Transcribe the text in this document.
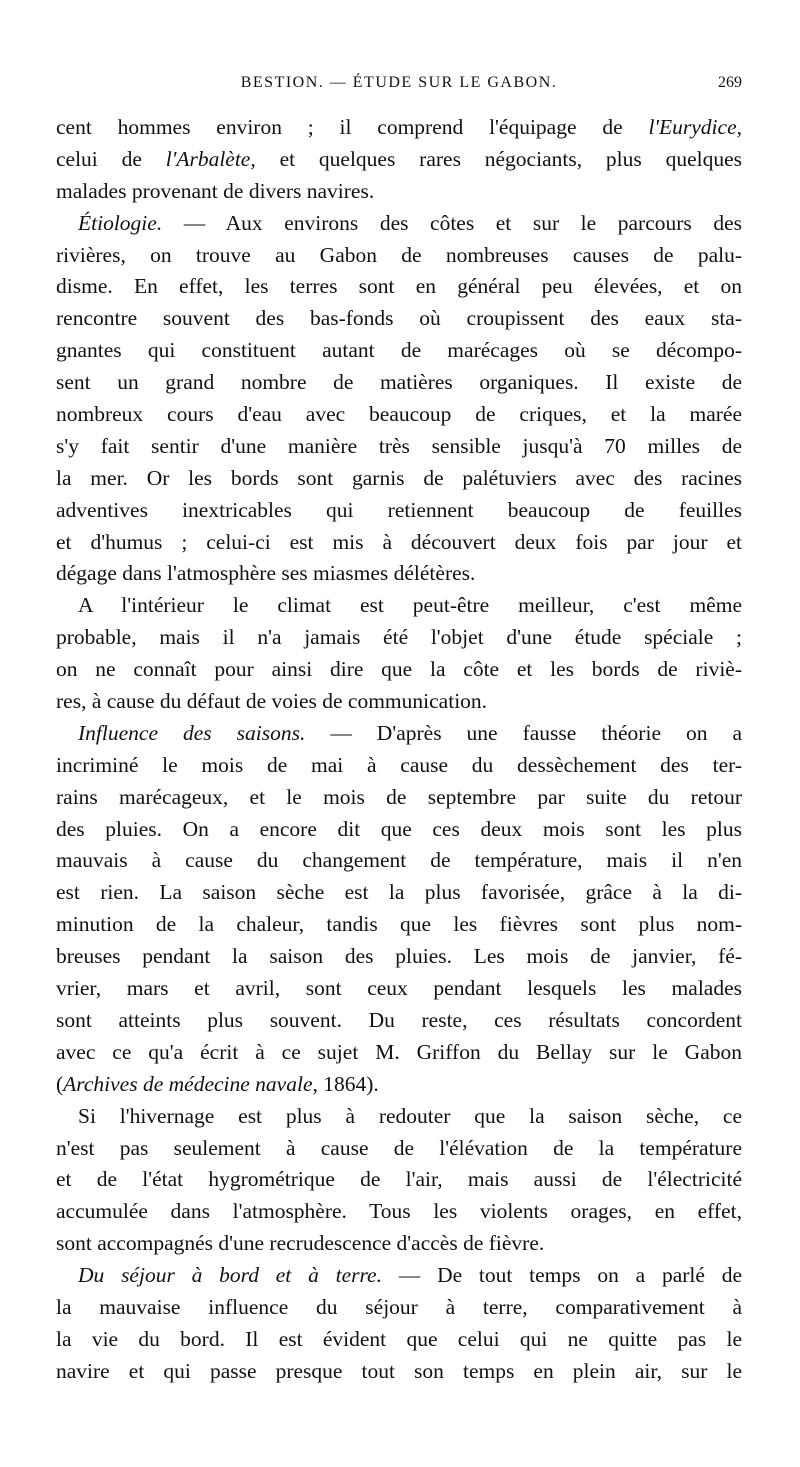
BESTION. — ÉTUDE SUR LE GABON.	269
cent hommes environ ; il comprend l'équipage de l'Eurydice,
celui de l'Arbalète, et quelques rares négociants, plus quelques
malades provenant de divers navires.
Étiologie. — Aux environs des côtes et sur le parcours des
rivières, on trouve au Gabon de nombreuses causes de palu-
disme. En effet, les terres sont en général peu élevées, et on
rencontre souvent des bas-fonds où croupissent des eaux sta-
gnantes qui constituent autant de marécages où se décompo-
sent un grand nombre de matières organiques. Il existe de
nombreux cours d'eau avec beaucoup de criques, et la marée
s'y fait sentir d'une manière très sensible jusqu'à 70 milles de
la mer. Or les bords sont garnis de palétuviers avec des racines
adventives inextricables qui retiennent beaucoup de feuilles
et d'humus ; celui-ci est mis à découvert deux fois par jour et
dégage dans l'atmosphère ses miasmes délétères.
A l'intérieur le climat est peut-être meilleur, c'est même
probable, mais il n'a jamais été l'objet d'une étude spéciale ;
on ne connaît pour ainsi dire que la côte et les bords de riviè-
res, à cause du défaut de voies de communication.
Influence des saisons. — D'après une fausse théorie on a
incriminé le mois de mai à cause du dessèchement des ter-
rains marécageux, et le mois de septembre par suite du retour
des pluies. On a encore dit que ces deux mois sont les plus
mauvais à cause du changement de température, mais il n'en
est rien. La saison sèche est la plus favorisée, grâce à la di-
minution de la chaleur, tandis que les fièvres sont plus nom-
breuses pendant la saison des pluies. Les mois de janvier, fé-
vrier, mars et avril, sont ceux pendant lesquels les malades
sont atteints plus souvent. Du reste, ces résultats concordent
avec ce qu'a écrit à ce sujet M. Griffon du Bellay sur le Gabon
(Archives de médecine navale, 1864).
Si l'hivernage est plus à redouter que la saison sèche, ce
n'est pas seulement à cause de l'élévation de la température
et de l'état hygrométrique de l'air, mais aussi de l'électricité
accumulée dans l'atmosphère. Tous les violents orages, en effet,
sont accompagnés d'une recrudescence d'accès de fièvre.
Du séjour à bord et à terre. — De tout temps on a parlé de
la mauvaise influence du séjour à terre, comparativement à
la vie du bord. Il est évident que celui qui ne quitte pas le
navire et qui passe presque tout son temps en plein air, sur le
